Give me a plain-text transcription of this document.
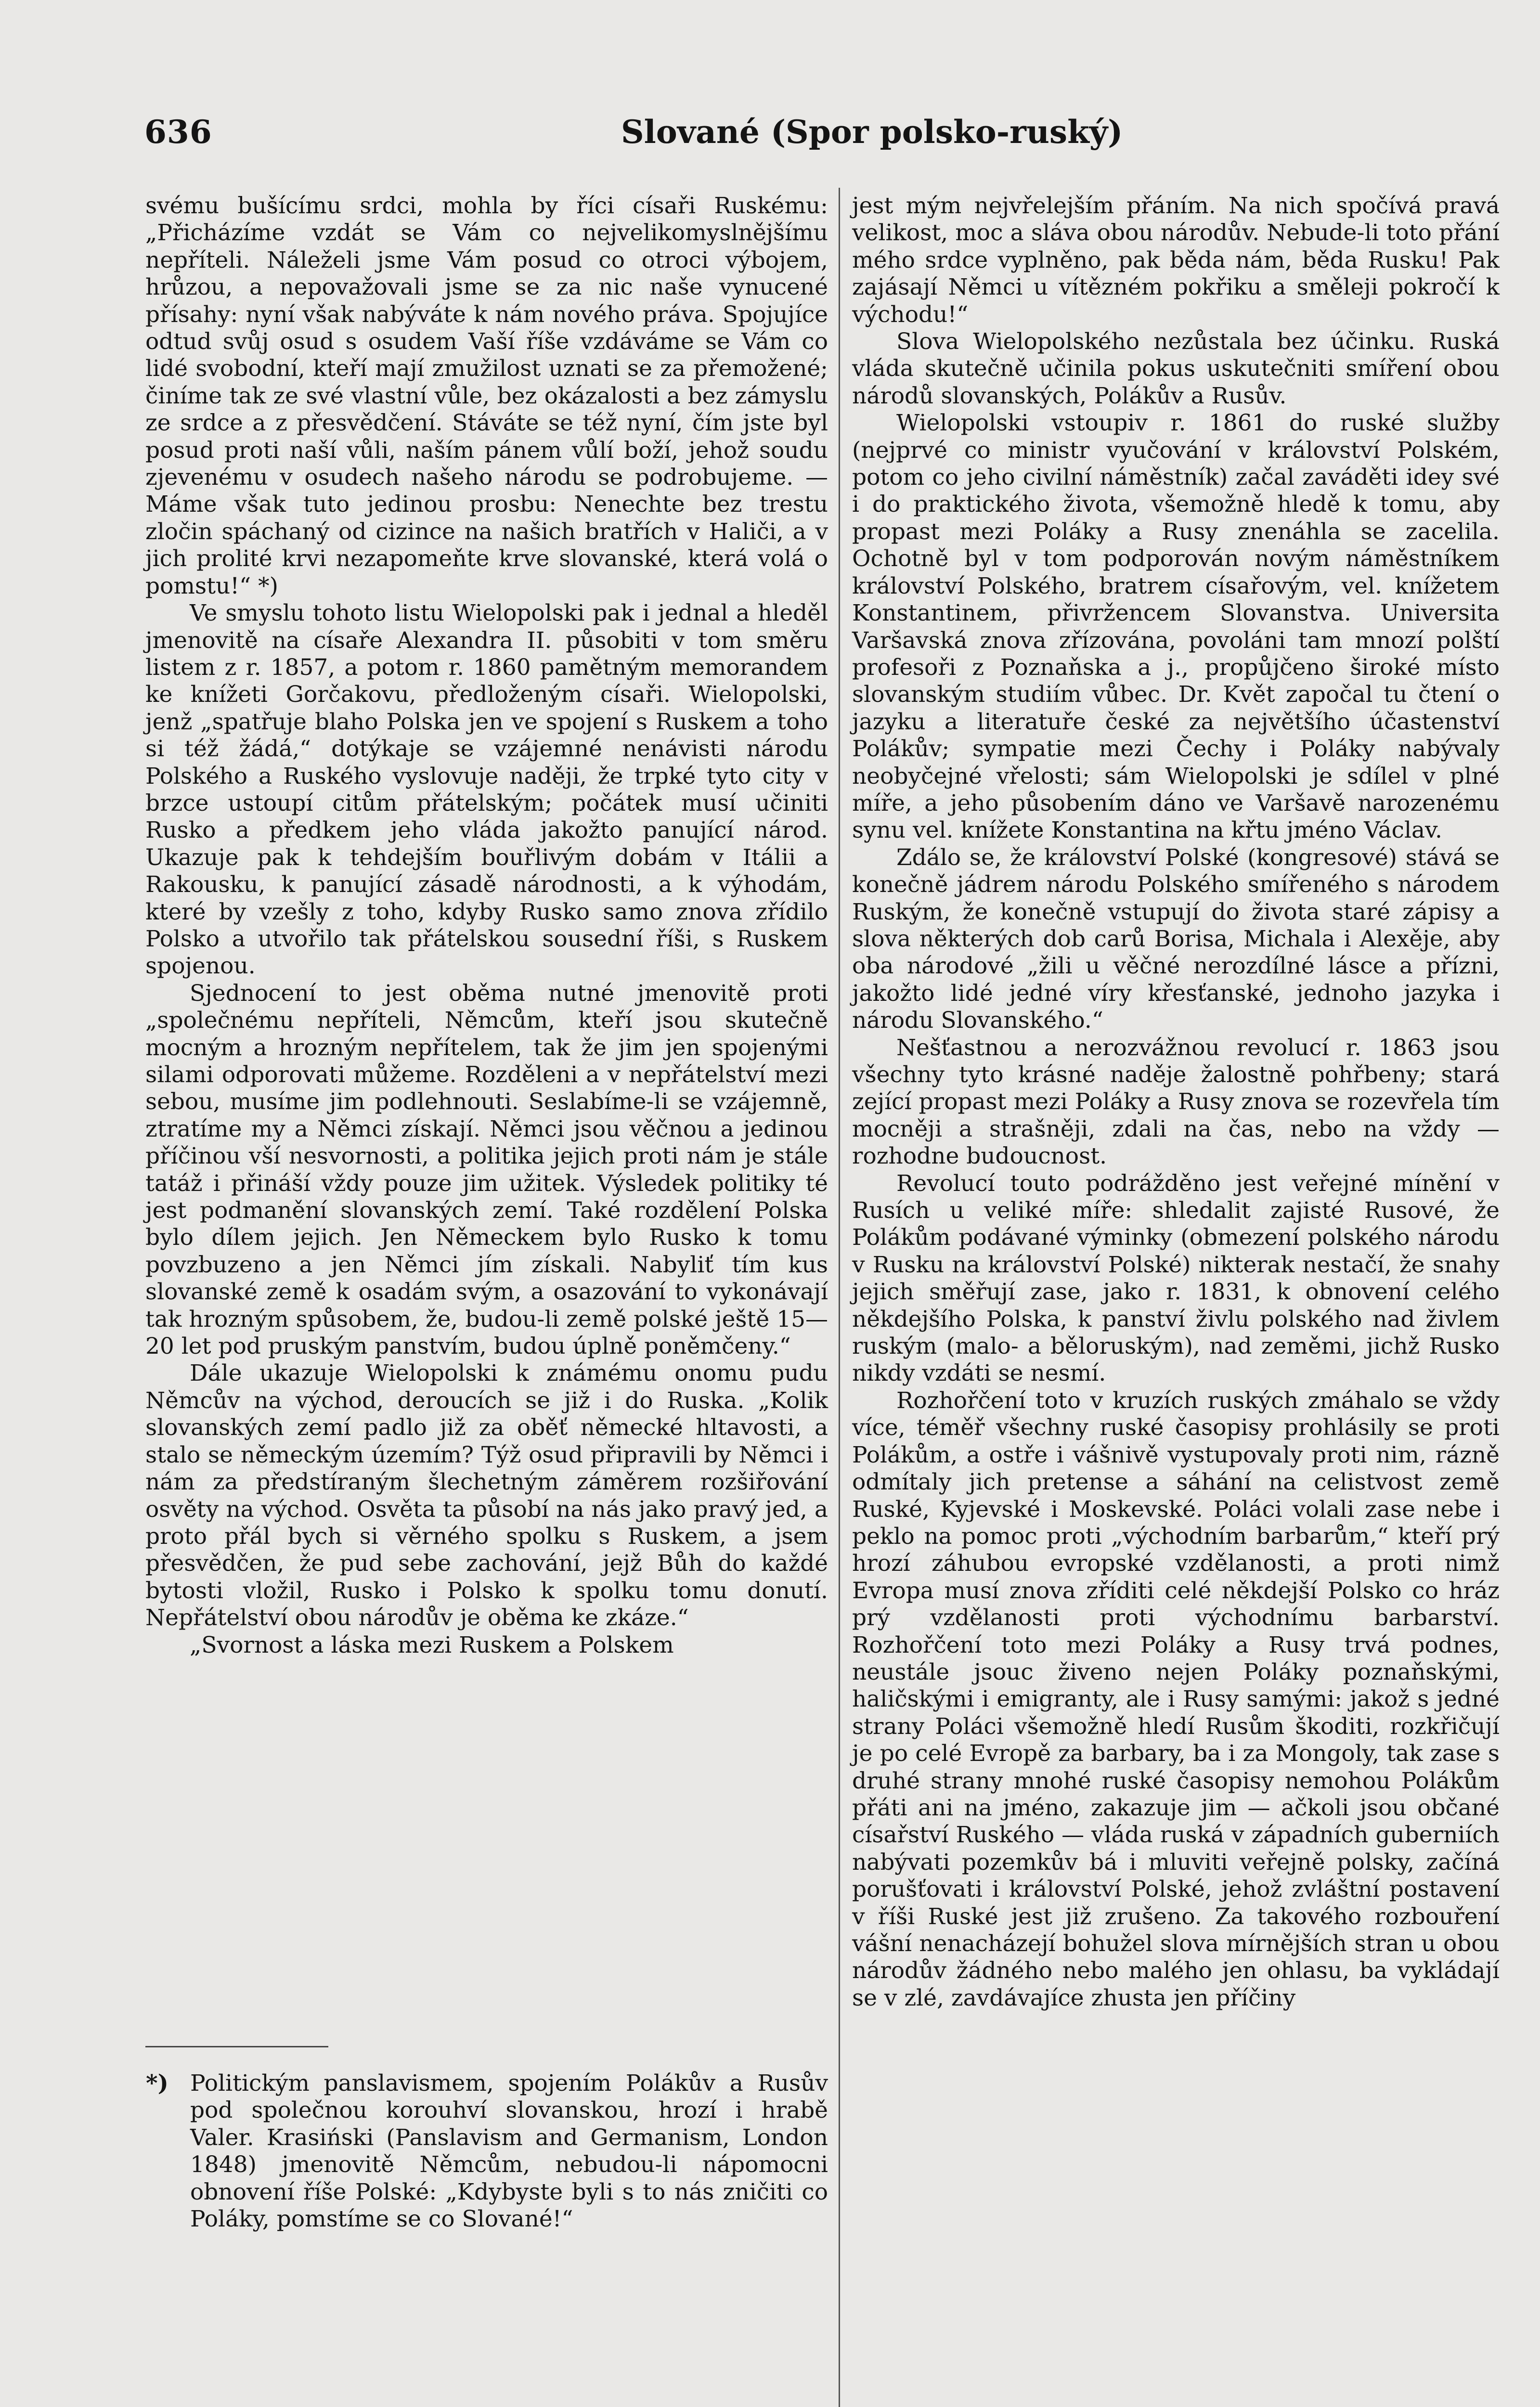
636	Slované (Spor polsko-ruský)

svému bušícímu srdci, mohla by říci císaři Ruskému: „Přicházíme vzdát se Vám co nejvelikomyslnějšímu nepříteli. Náleželi jsme Vám posud co otroci výbojem, hrůzou, a nepovažovali jsme se za nic naše vynucené přísahy: nyní však nabýváte k nám nového práva. Spojujíce odtud svůj osud s osudem Vaší říše vzdáváme se Vám co lidé svobodní, kteří mají zmužilost uznati se za přemožené; činíme tak ze své vlastní vůle, bez okázalosti a bez zámyslu ze srdce a z přesvědčení. Stáváte se též nyní, čím jste byl posud proti naší vůli, naším pánem vůlí boží, jehož soudu zjevenému v osudech našeho národu se podrobujeme. — Máme však tuto jedinou prosbu: Nenechte bez trestu zločin spáchaný od cizince na našich bratřích v Haliči, a v jich prolité krvi nezapomeňte krve slovanské, která volá o pomstu!“ *)

Ve smyslu tohoto listu Wielopolski pak i jednal a hleděl jmenovitě na císaře Alexandra II. působiti v tom směru listem z r. 1857, a potom r. 1860 pamětným memorandem ke knížeti Gorčakovu, předloženým císaři. Wielopolski, jenž „spatřuje blaho Polska jen ve spojení s Ruskem a toho si též žádá,“ dotýkaje se vzájemné nenávisti národu Polského a Ruského vyslovuje naději, že trpké tyto city v brzce ustoupí citům přátelským; počátek musí učiniti Rusko a předkem jeho vláda jakožto panující národ. Ukazuje pak k tehdejším bouřlivým dobám v Itálii a Rakousku, k panující zásadě národnosti, a k výhodám, které by vzešly z toho, kdyby Rusko samo znova zřídilo Polsko a utvořilo tak přátelskou sousední říši, s Ruskem spojenou.

Sjednocení to jest oběma nutné jmenovitě proti „společnému nepříteli, Němcům, kteří jsou skutečně mocným a hrozným nepřítelem, tak že jim jen spojenými silami odporovati můžeme. Rozděleni a v nepřátelství mezi sebou, musíme jim podlehnouti. Seslabíme-li se vzájemně, ztratíme my a Němci získají. Němci jsou věčnou a jedinou příčinou vší nesvornosti, a politika jejich proti nám je stále tatáž i přináší vždy pouze jim užitek. Výsledek politiky té jest podmanění slovanských zemí. Také rozdělení Polska bylo dílem jejich. Jen Německem bylo Rusko k tomu povzbuzeno a jen Němci jím získali. Nabyliť tím kus slovanské země k osadám svým, a osazování to vykonávají tak hrozným spůsobem, že, budou-li země polské ještě 15—20 let pod pruským panstvím, budou úplně poněmčeny.“

Dále ukazuje Wielopolski k známému onomu pudu Němcův na východ, deroucích se již i do Ruska. „Kolik slovanských zemí padlo již za oběť německé hltavosti, a stalo se německým územím? Týž osud připravili by Němci i nám za předstíraným šlechetným záměrem rozšiřování osvěty na východ. Osvěta ta působí na nás jako pravý jed, a proto přál bych si věrného spolku s Ruskem, a jsem přesvědčen, že pud sebe zachování, jejž Bůh do každé bytosti vložil, Rusko i Polsko k spolku tomu donutí. Nepřátelství obou národův je oběma ke zkáze.“

„Svornost a láska mezi Ruskem a Polskem

*) Politickým panslavismem, spojením Polákův a Rusův pod společnou korouhví slovanskou, hrozí i hrabě Valer. Krasiński (Panslavism and Germanism, London 1848) jmenovitě Němcům, nebudou-li nápomocni obnovení říše Polské: „Kdybyste byli s to nás zničiti co Poláky, pomstíme se co Slované!“

jest mým nejvřelejším přáním. Na nich spočívá pravá velikost, moc a sláva obou národův. Nebude-li toto přání mého srdce vyplněno, pak běda nám, běda Rusku! Pak zajásají Němci u vítězném pokřiku a směleji pokročí k východu!“

Slova Wielopolského nezůstala bez účinku. Ruská vláda skutečně učinila pokus uskutečniti smíření obou národů slovanských, Polákův a Rusův.

Wielopolski vstoupiv r. 1861 do ruské služby (nejprvé co ministr vyučování v království Polském, potom co jeho civilní náměstník) začal zaváděti idey své i do praktického života, všemožně hledě k tomu, aby propast mezi Poláky a Rusy znenáhla se zacelila. Ochotně byl v tom podporován novým náměstníkem království Polského, bratrem císařovým, vel. knížetem Konstantinem, přivržencem Slovanstva. Universita Varšavská znova zřízována, povoláni tam mnozí polští profesoři z Poznaňska a j., propůjčeno široké místo slovanským studiím vůbec. Dr. Květ započal tu čtení o jazyku a literatuře české za největšího účastenství Polákův; sympatie mezi Čechy i Poláky nabývaly neobyčejné vřelosti; sám Wielopolski je sdílel v plné míře, a jeho působením dáno ve Varšavě narozenému synu vel. knížete Konstantina na křtu jméno Václav.

Zdálo se, že království Polské (kongresové) stává se konečně jádrem národu Polského smířeného s národem Ruským, že konečně vstupují do života staré zápisy a slova některých dob carů Borisa, Michala i Alexěje, aby oba národové „žili u věčné nerozdílné lásce a přízni, jakožto lidé jedné víry křesťanské, jednoho jazyka i národu Slovanského.“

Nešťastnou a nerozvážnou revolucí r. 1863 jsou všechny tyto krásné naděje žalostně pohřbeny; stará zející propast mezi Poláky a Rusy znova se rozevřela tím mocněji a strašněji, zdali na čas, nebo na vždy — rozhodne budoucnost.

Revolucí touto podrážděno jest veřejné mínění v Rusích u veliké míře: shledalit zajisté Rusové, že Polákům podávané výminky (obmezení polského národu v Rusku na království Polské) nikterak nestačí, že snahy jejich směřují zase, jako r. 1831, k obnovení celého někdejšího Polska, k panství živlu polského nad živlem ruským (malo- a běloruským), nad zeměmi, jichž Rusko nikdy vzdáti se nesmí.

Rozhořčení toto v kruzích ruských zmáhalo se vždy více, téměř všechny ruské časopisy prohlásily se proti Polákům, a ostře i vášnivě vystupovaly proti nim, rázně odmítaly jich pretense a sáhání na celistvost země Ruské, Kyjevské i Moskevské. Poláci volali zase nebe i peklo na pomoc proti „východním barbarům,“ kteří prý hrozí záhubou evropské vzdělanosti, a proti nimž Evropa musí znova zříditi celé někdejší Polsko co hráz prý vzdělanosti proti východnímu barbarství. Rozhořčení toto mezi Poláky a Rusy trvá podnes, neustále jsouc živeno nejen Poláky poznaňskými, haličskými i emigranty, ale i Rusy samými: jakož s jedné strany Poláci všemožně hledí Rusům škoditi, rozkřičují je po celé Evropě za barbary, ba i za Mongoly, tak zase s druhé strany mnohé ruské časopisy nemohou Polákům přáti ani na jméno, zakazuje jim — ačkoli jsou občané císařství Ruského — vláda ruská v západních guberniích nabývati pozemkův bá i mluviti veřejně polsky, začíná porušťovati i království Polské, jehož zvláštní postavení v říši Ruské jest již zrušeno. Za takového rozbouření vášní nenacházejí bohužel slova mírnějších stran u obou národův žádného nebo malého jen ohlasu, ba vykládají se v zlé, zavdávajíce zhusta jen příčiny
